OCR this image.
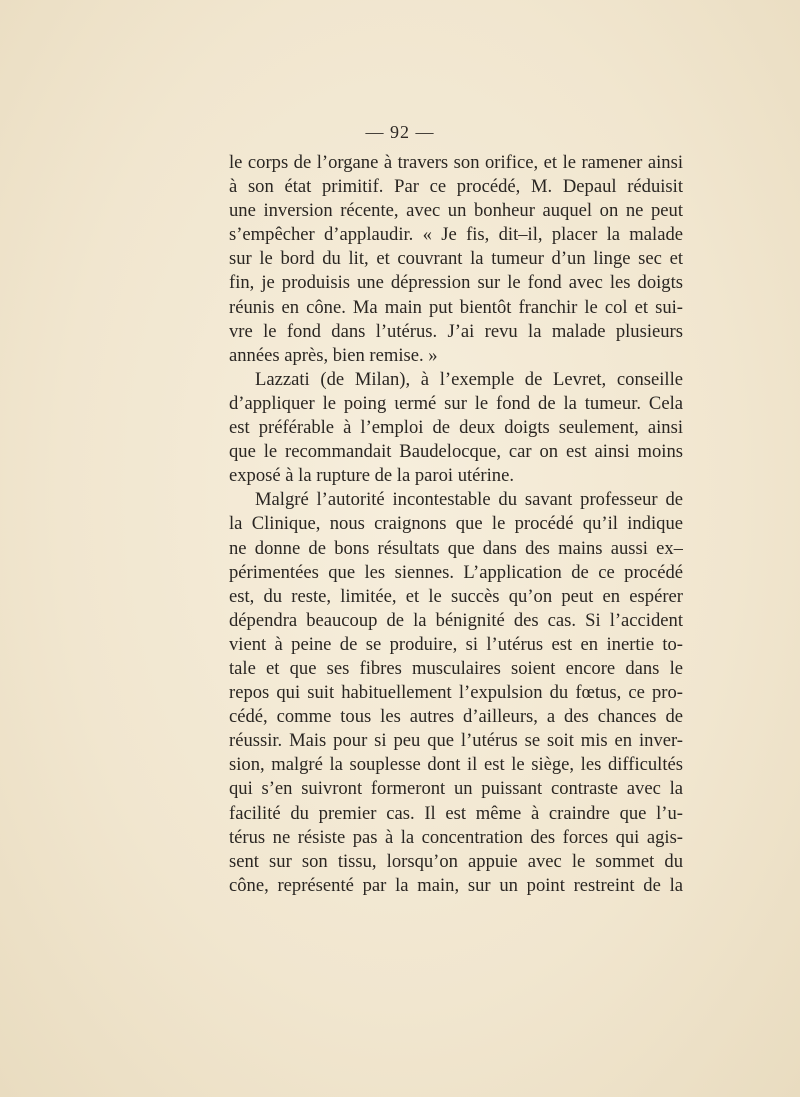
— 92 —
le corps de l’organe à travers son orifice, et le ramener ainsi
à son état primitif. Par ce procédé, M. Depaul réduisit
une inversion récente, avec un bonheur auquel on ne peut
s’empêcher d’applaudir. « Je fis, dit–il, placer la malade
sur le bord du lit, et couvrant la tumeur d’un linge sec et
fin, je produisis une dépression sur le fond avec les doigts
réunis en cône. Ma main put bientôt franchir le col et sui-
vre le fond dans l’utérus. J’ai revu la malade plusieurs
années après, bien remise. »
Lazzati (de Milan), à l’exemple de Levret, conseille
d’appliquer le poing ɩermé sur le fond de la tumeur. Cela
est préférable à l’emploi de deux doigts seulement, ainsi
que le recommandait Baudelocque, car on est ainsi moins
exposé à la rupture de la paroi utérine.
Malgré l’autorité incontestable du savant professeur de
la Clinique, nous craignons que le procédé qu’il indique
ne donne de bons résultats que dans des mains aussi ex–
périmentées que les siennes. L’application de ce procédé
est, du reste, limitée, et le succès qu’on peut en espérer
dépendra beaucoup de la bénignité des cas. Si l’accident
vient à peine de se produire, si l’utérus est en inertie to-
tale et que ses fibres musculaires soient encore dans le
repos qui suit habituellement l’expulsion du fœtus, ce pro-
cédé, comme tous les autres d’ailleurs, a des chances de
réussir. Mais pour si peu que l’utérus se soit mis en inver-
sion, malgré la souplesse dont il est le siège, les difficultés
qui s’en suivront formeront un puissant contraste avec la
facilité du premier cas. Il est même à craindre que l’u-
térus ne résiste pas à la concentration des forces qui agis-
sent sur son tissu, lorsqu’on appuie avec le sommet du
cône, représenté par la main, sur un point restreint de la
